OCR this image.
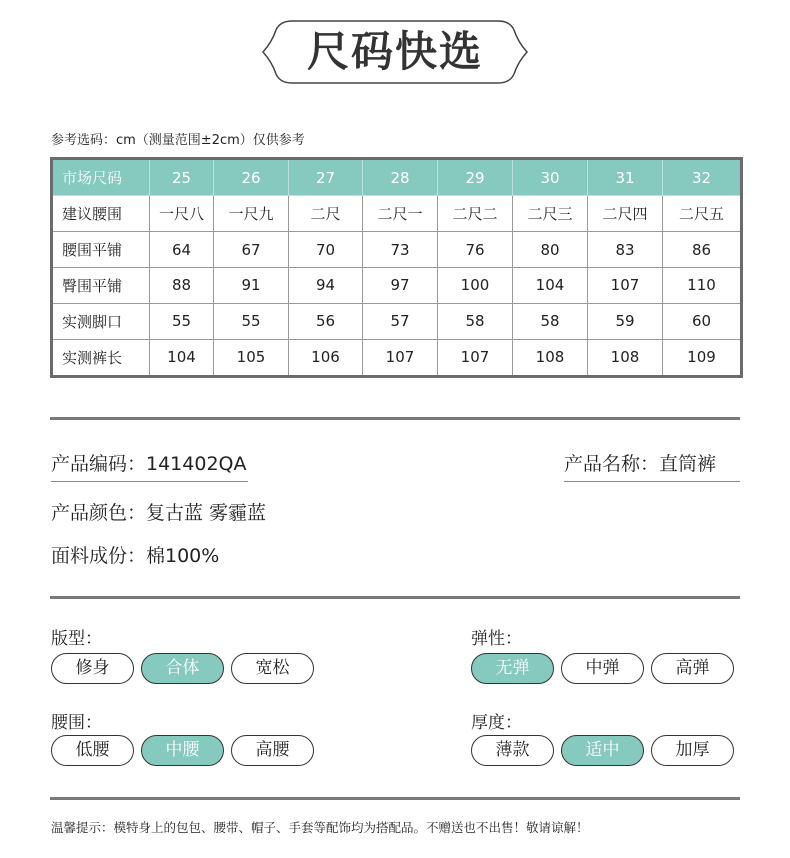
尺码快选
参考选码：cm（测量范围±2cm）仅供参考
市场尺码	25	26	27	28	29	30	31	32
建议腰围	一尺八	一尺九	二尺	二尺一	二尺二	二尺三	二尺四	二尺五
腰围平铺	64	67	70	73	76	80	83	86
臀围平铺	88	91	94	97	100	104	107	110
实测脚口	55	55	56	57	58	58	59	60
实测裤长	104	105	106	107	107	108	108	109
产品编码：141402QA	产品名称：直筒裤
产品颜色：复古蓝 雾霾蓝
面料成份：棉100%
版型：
修身	合体	宽松
弹性：
无弹	中弹	高弹
腰围：
低腰	中腰	高腰
厚度：
薄款	适中	加厚
温馨提示：模特身上的包包、腰带、帽子、手套等配饰均为搭配品。不赠送也不出售！敬请谅解！
